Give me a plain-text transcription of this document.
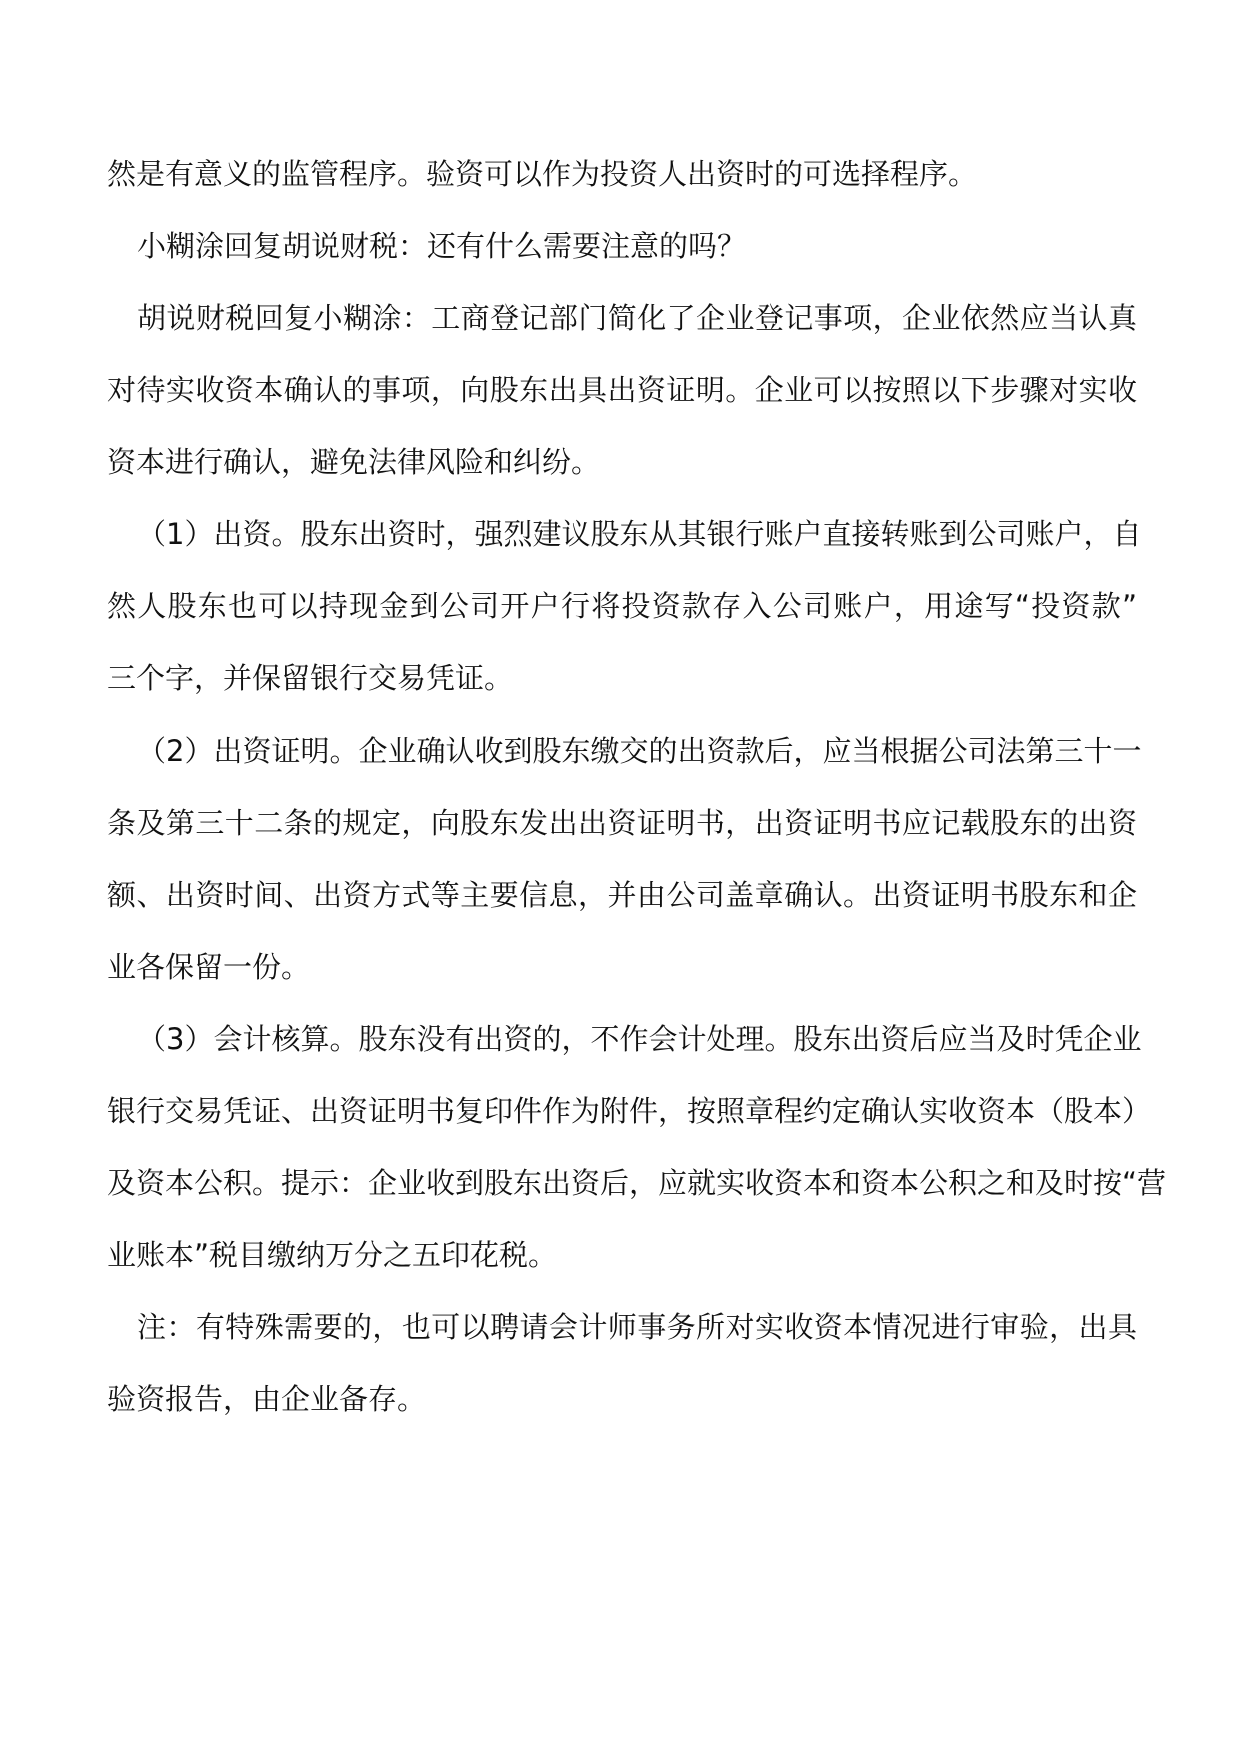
然是有意义的监管程序。验资可以作为投资人出资时的可选择程序。
小糊涂回复胡说财税：还有什么需要注意的吗？
胡说财税回复小糊涂：工商登记部门简化了企业登记事项，企业依然应当认真
对待实收资本确认的事项，向股东出具出资证明。企业可以按照以下步骤对实收
资本进行确认，避免法律风险和纠纷。
（1）出资。股东出资时，强烈建议股东从其银行账户直接转账到公司账户，自
然人股东也可以持现金到公司开户行将投资款存入公司账户，用途写“投资款”
三个字，并保留银行交易凭证。
（2）出资证明。企业确认收到股东缴交的出资款后，应当根据公司法第三十一
条及第三十二条的规定，向股东发出出资证明书，出资证明书应记载股东的出资
额、出资时间、出资方式等主要信息，并由公司盖章确认。出资证明书股东和企
业各保留一份。
（3）会计核算。股东没有出资的，不作会计处理。股东出资后应当及时凭企业
银行交易凭证、出资证明书复印件作为附件，按照章程约定确认实收资本（股本）
及资本公积。提示：企业收到股东出资后，应就实收资本和资本公积之和及时按“营
业账本”税目缴纳万分之五印花税。
注：有特殊需要的，也可以聘请会计师事务所对实收资本情况进行审验，出具
验资报告，由企业备存。
